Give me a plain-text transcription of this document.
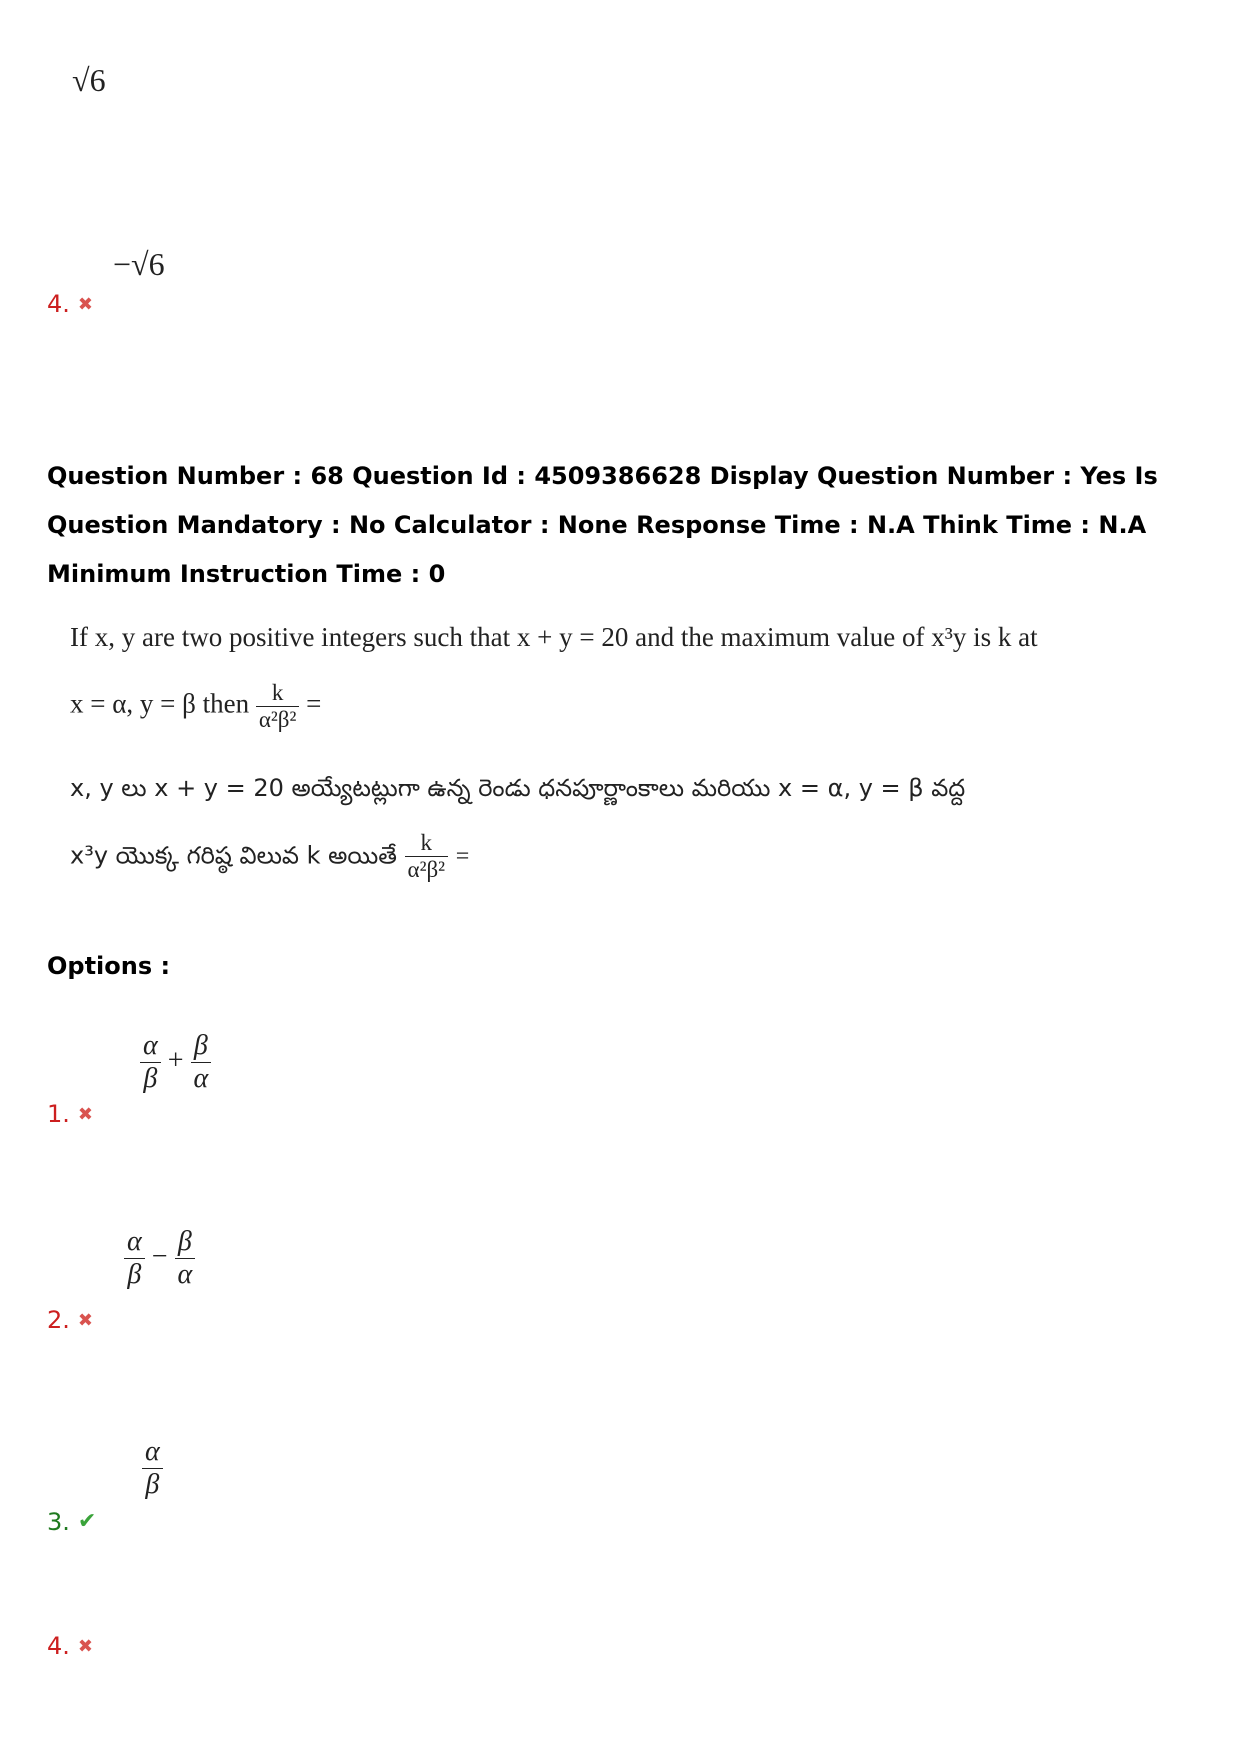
√6
−√6
4. ✖
Question Number : 68 Question Id : 4509386628 Display Question Number : Yes Is Question Mandatory : No Calculator : None Response Time : N.A Think Time : N.A Minimum Instruction Time : 0
If x, y are two positive integers such that x + y = 20 and the maximum value of x³y is k at
x = α, y = β then $\frac{k}{\text{α²β²}}$ =
x, y లు x + y = 20 అయ్యేటట్లుగా ఉన్న రెండు ధనపూర్ణాంకాలు మరియు x = α, y = β వద్ద
x³y యొక్క గరిష్ఠ విలువ k అయితే $\frac{k}{\text{α²β²}}$ =
Options :
$\frac{\alpha}{\beta} + \frac{\beta}{\alpha}$
1. ✖
$\frac{\alpha}{\beta} - \frac{\beta}{\alpha}$
2. ✖
$\frac{\alpha}{\beta}$
3. ✔
4. ✖
